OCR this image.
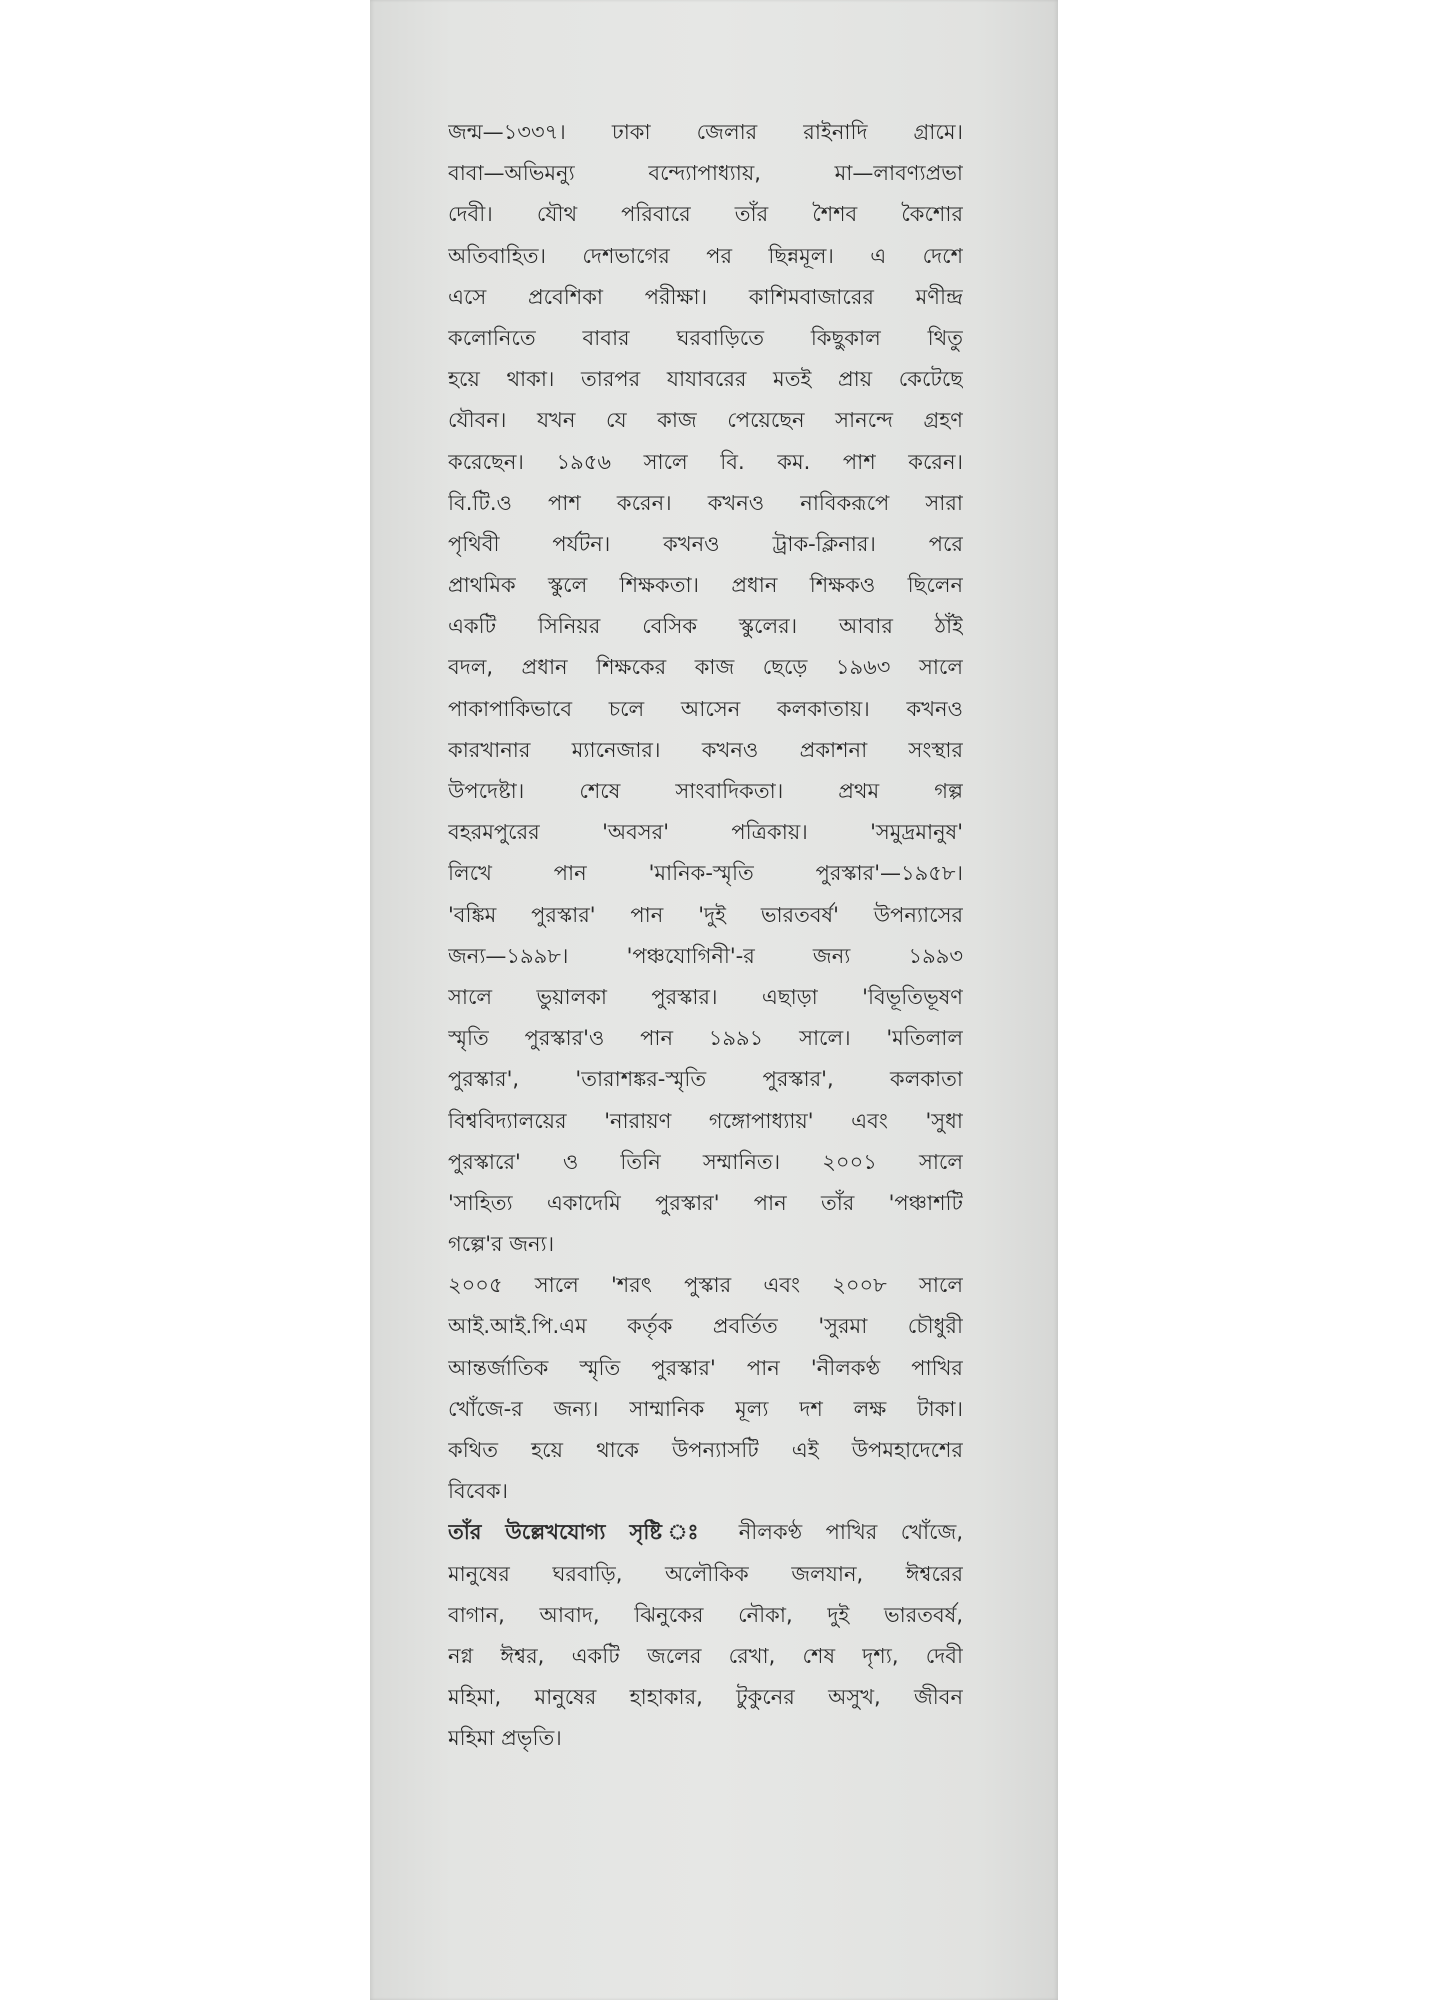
জন্ম—১৩৩৭। ঢাকা জেলার রাইনাদি গ্রামে।
বাবা—অভিমন্যু বন্দ্যোপাধ্যায়, মা—লাবণ্যপ্রভা
দেবী। যৌথ পরিবারে তাঁর শৈশব কৈশোর
অতিবাহিত। দেশভাগের পর ছিন্নমূল। এ দেশে
এসে প্রবেশিকা পরীক্ষা। কাশিমবাজারের মণীন্দ্র
কলোনিতে বাবার ঘরবাড়িতে কিছুকাল থিতু
হয়ে থাকা। তারপর যাযাবরের মতই প্রায় কেটেছে
যৌবন। যখন যে কাজ পেয়েছেন সানন্দে গ্রহণ
করেছেন। ১৯৫৬ সালে বি. কম. পাশ করেন।
বি.টি.ও পাশ করেন। কখনও নাবিকরূপে সারা
পৃথিবী পর্যটন। কখনও ট্রাক-ক্লিনার। পরে
প্রাথমিক স্কুলে শিক্ষকতা। প্রধান শিক্ষকও ছিলেন
একটি সিনিয়র বেসিক স্কুলের। আবার ঠাঁই
বদল, প্রধান শিক্ষকের কাজ ছেড়ে ১৯৬৩ সালে
পাকাপাকিভাবে চলে আসেন কলকাতায়। কখনও
কারখানার ম্যানেজার। কখনও প্রকাশনা সংস্থার
উপদেষ্টা। শেষে সাংবাদিকতা। প্রথম গল্প
বহরমপুরের 'অবসর' পত্রিকায়। 'সমুদ্রমানুষ'
লিখে পান 'মানিক-স্মৃতি পুরস্কার'—১৯৫৮।
'বঙ্কিম পুরস্কার' পান 'দুই ভারতবর্ষ' উপন্যাসের
জন্য—১৯৯৮। 'পঞ্চযোগিনী'-র জন্য ১৯৯৩
সালে ভুয়ালকা পুরস্কার। এছাড়া 'বিভূতিভূষণ
স্মৃতি পুরস্কার'ও পান ১৯৯১ সালে। 'মতিলাল
পুরস্কার', 'তারাশঙ্কর-স্মৃতি পুরস্কার', কলকাতা
বিশ্ববিদ্যালয়ের 'নারায়ণ গঙ্গোপাধ্যায়' এবং 'সুধা
পুরস্কারে' ও তিনি সম্মানিত। ২০০১ সালে
'সাহিত্য একাদেমি পুরস্কার' পান তাঁর 'পঞ্চাশটি
গল্পে'র জন্য।
২০০৫ সালে 'শরৎ পুস্কার এবং ২০০৮ সালে
আই.আই.পি.এম কর্তৃক প্রবর্তিত 'সুরমা চৌধুরী
আন্তর্জাতিক স্মৃতি পুরস্কার' পান 'নীলকণ্ঠ পাখির
খোঁজে-র জন্য। সাম্মানিক মূল্য দশ লক্ষ টাকা।
কথিত হয়ে থাকে উপন্যাসটি এই উপমহাদেশের
বিবেক।
তাঁর উল্লেখযোগ্য সৃষ্টি ঃ নীলকণ্ঠ পাখির খোঁজে,
মানুষের ঘরবাড়ি, অলৌকিক জলযান, ঈশ্বরের
বাগান, আবাদ, ঝিনুকের নৌকা, দুই ভারতবর্ষ,
নগ্ন ঈশ্বর, একটি জলের রেখা, শেষ দৃশ্য, দেবী
মহিমা, মানুষের হাহাকার, টুকুনের অসুখ, জীবন
মহিমা প্রভৃতি।
